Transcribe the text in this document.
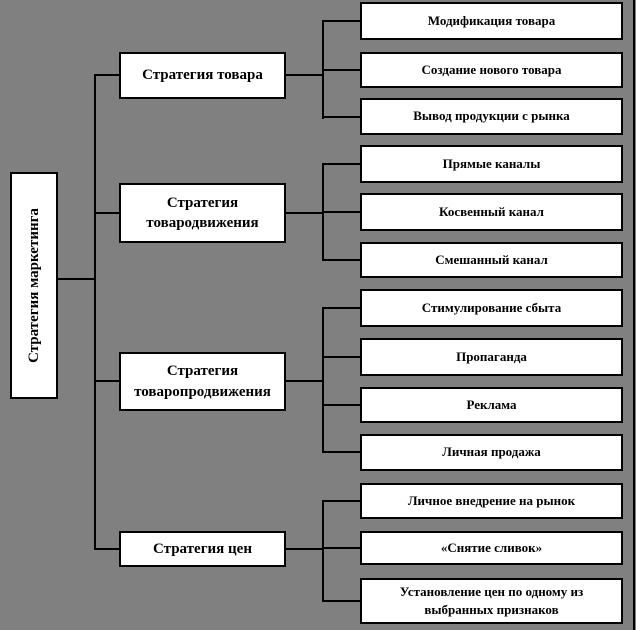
Стратегия маркетинга
Стратегия товара
Стратегия товародвижения
Стратегия товаропродвижения
Стратегия цен
Модификация товара
Создание нового товара
Вывод продукции с рынка
Прямые каналы
Косвенный канал
Смешанный канал
Стимулирование сбыта
Пропаганда
Реклама
Личная продажа
Личное внедрение на рынок
«Снятие сливок»
Установление цен по одному из выбранных признаков
